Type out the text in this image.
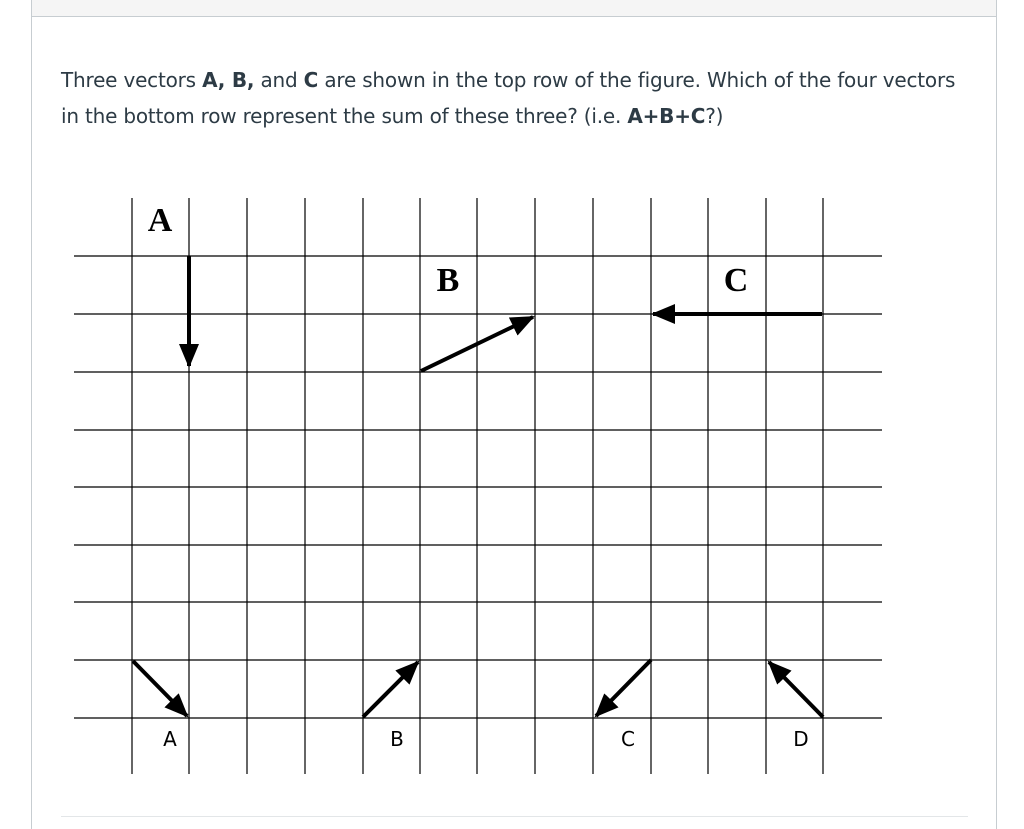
Three vectors A, B, and C are shown in the top row of the figure. Which of the four vectors in the bottom row represent the sum of these three? (i.e. A+B+C?)
A
B	C
A	B	C	D
